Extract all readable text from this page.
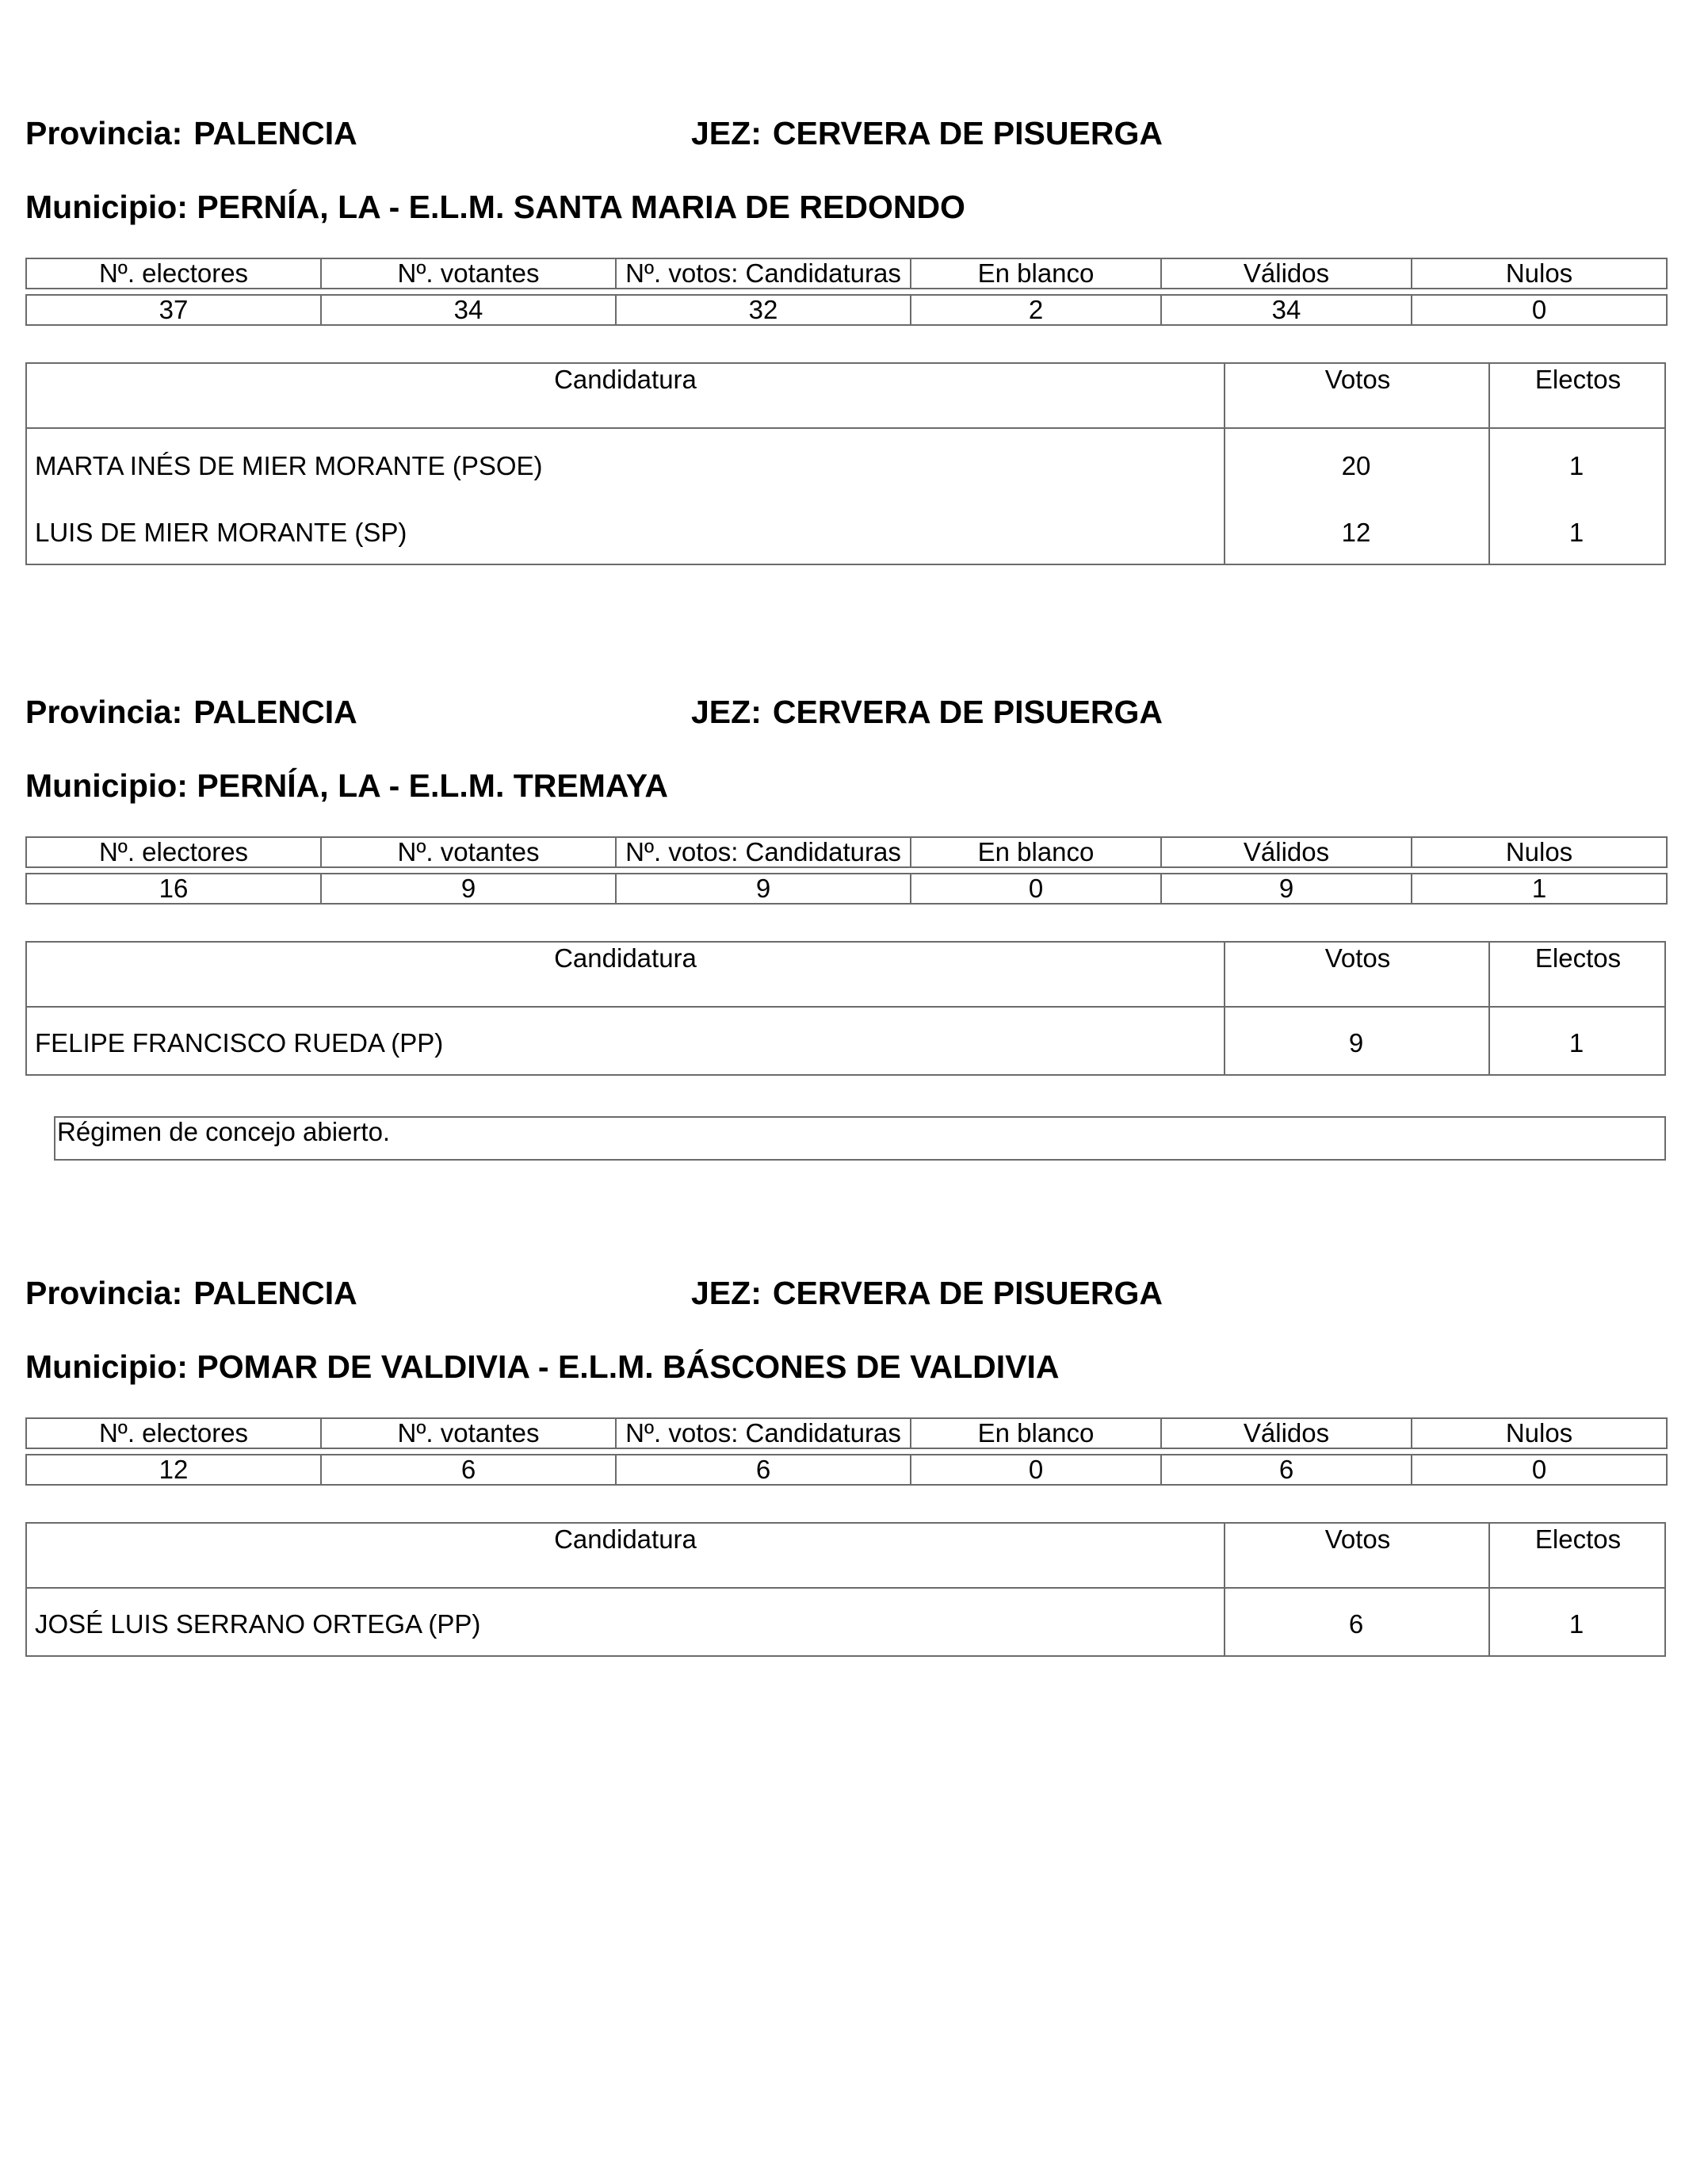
Provincia: PALENCIA	JEZ: CERVERA DE PISUERGA
Municipio: PERNÍA, LA - E.L.M. SANTA MARIA DE REDONDO
Nº. electores	Nº. votantes	Nº. votos: Candidaturas	En blanco	Válidos	Nulos

37	34	32	2	34	0
Candidatura	Votos	Electos
MARTA INÉS DE MIER MORANTE (PSOE)	20	1
LUIS DE MIER MORANTE (SP)	12	1
Provincia: PALENCIA	JEZ: CERVERA DE PISUERGA
Municipio: PERNÍA, LA - E.L.M. TREMAYA
Nº. electores	Nº. votantes	Nº. votos: Candidaturas	En blanco	Válidos	Nulos

16	9	9	0	9	1
Candidatura	Votos	Electos
FELIPE FRANCISCO RUEDA (PP)	9	1
Régimen de concejo abierto.
Provincia: PALENCIA	JEZ: CERVERA DE PISUERGA
Municipio: POMAR DE VALDIVIA - E.L.M. BÁSCONES DE VALDIVIA
Nº. electores	Nº. votantes	Nº. votos: Candidaturas	En blanco	Válidos	Nulos

12	6	6	0	6	0
Candidatura	Votos	Electos
JOSÉ LUIS SERRANO ORTEGA (PP)	6	1
